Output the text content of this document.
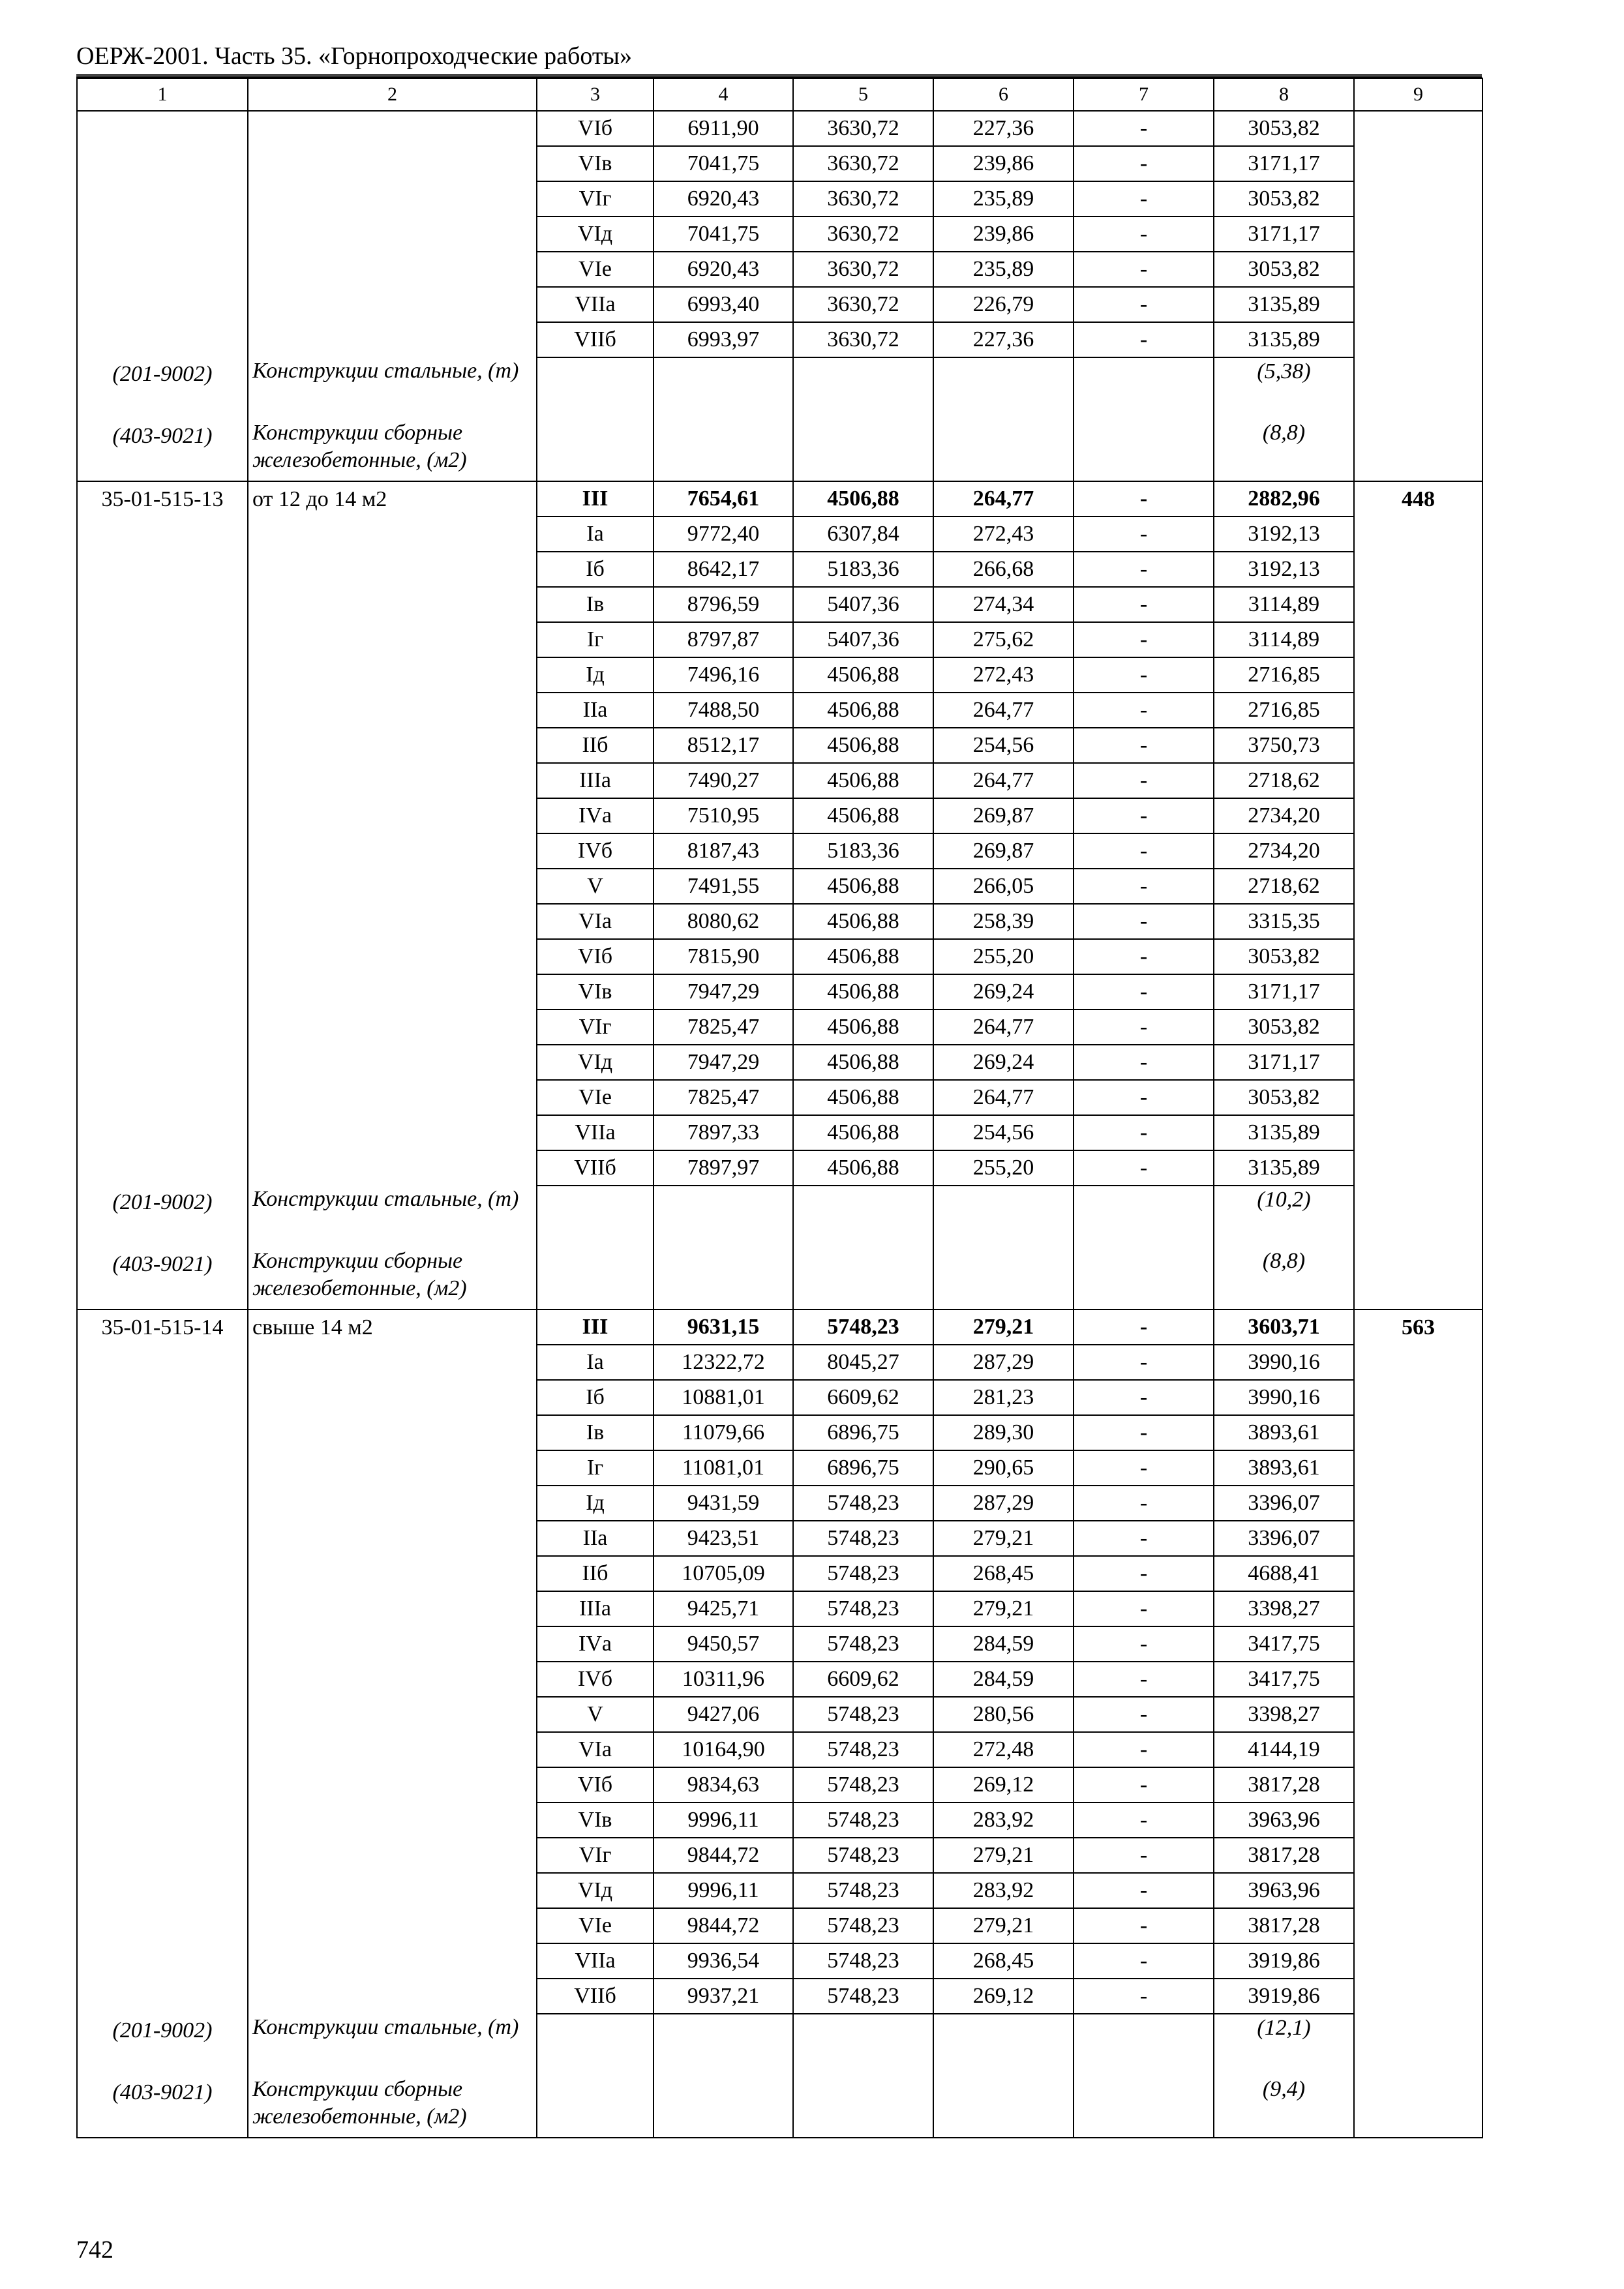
ОЕРЖ-2001. Часть 35. «Горнопроходческие работы»
1	2	3	4	5	6	7	8	9
		VIб	6911,90	3630,72	227,36	-	3053,82	
		VIв	7041,75	3630,72	239,86	-	3171,17	
		VIг	6920,43	3630,72	235,89	-	3053,82	
		VIд	7041,75	3630,72	239,86	-	3171,17	
		VIе	6920,43	3630,72	235,89	-	3053,82	
		VIIа	6993,40	3630,72	226,79	-	3135,89	
		VIIб	6993,97	3630,72	227,36	-	3135,89	
(201-9002)	Конструкции стальные, (т)						(5,38)	
(403-9021)	Конструкции сборные железобетонные, (м2)						(8,8)	
35-01-515-13	от 12 до 14 м2	III	7654,61	4506,88	264,77	-	2882,96	448
		Iа	9772,40	6307,84	272,43	-	3192,13	
		Iб	8642,17	5183,36	266,68	-	3192,13	
		Iв	8796,59	5407,36	274,34	-	3114,89	
		Iг	8797,87	5407,36	275,62	-	3114,89	
		Iд	7496,16	4506,88	272,43	-	2716,85	
		IIа	7488,50	4506,88	264,77	-	2716,85	
		IIб	8512,17	4506,88	254,56	-	3750,73	
		IIIа	7490,27	4506,88	264,77	-	2718,62	
		IVа	7510,95	4506,88	269,87	-	2734,20	
		IVб	8187,43	5183,36	269,87	-	2734,20	
		V	7491,55	4506,88	266,05	-	2718,62	
		VIа	8080,62	4506,88	258,39	-	3315,35	
		VIб	7815,90	4506,88	255,20	-	3053,82	
		VIв	7947,29	4506,88	269,24	-	3171,17	
		VIг	7825,47	4506,88	264,77	-	3053,82	
		VIд	7947,29	4506,88	269,24	-	3171,17	
		VIе	7825,47	4506,88	264,77	-	3053,82	
		VIIа	7897,33	4506,88	254,56	-	3135,89	
		VIIб	7897,97	4506,88	255,20	-	3135,89	
(201-9002)	Конструкции стальные, (т)						(10,2)	
(403-9021)	Конструкции сборные железобетонные, (м2)						(8,8)	
35-01-515-14	свыше 14 м2	III	9631,15	5748,23	279,21	-	3603,71	563
		Iа	12322,72	8045,27	287,29	-	3990,16	
		Iб	10881,01	6609,62	281,23	-	3990,16	
		Iв	11079,66	6896,75	289,30	-	3893,61	
		Iг	11081,01	6896,75	290,65	-	3893,61	
		Iд	9431,59	5748,23	287,29	-	3396,07	
		IIа	9423,51	5748,23	279,21	-	3396,07	
		IIб	10705,09	5748,23	268,45	-	4688,41	
		IIIа	9425,71	5748,23	279,21	-	3398,27	
		IVа	9450,57	5748,23	284,59	-	3417,75	
		IVб	10311,96	6609,62	284,59	-	3417,75	
		V	9427,06	5748,23	280,56	-	3398,27	
		VIа	10164,90	5748,23	272,48	-	4144,19	
		VIб	9834,63	5748,23	269,12	-	3817,28	
		VIв	9996,11	5748,23	283,92	-	3963,96	
		VIг	9844,72	5748,23	279,21	-	3817,28	
		VIд	9996,11	5748,23	283,92	-	3963,96	
		VIе	9844,72	5748,23	279,21	-	3817,28	
		VIIа	9936,54	5748,23	268,45	-	3919,86	
		VIIб	9937,21	5748,23	269,12	-	3919,86	
(201-9002)	Конструкции стальные, (т)						(12,1)	
(403-9021)	Конструкции сборные железобетонные, (м2)						(9,4)	
742
